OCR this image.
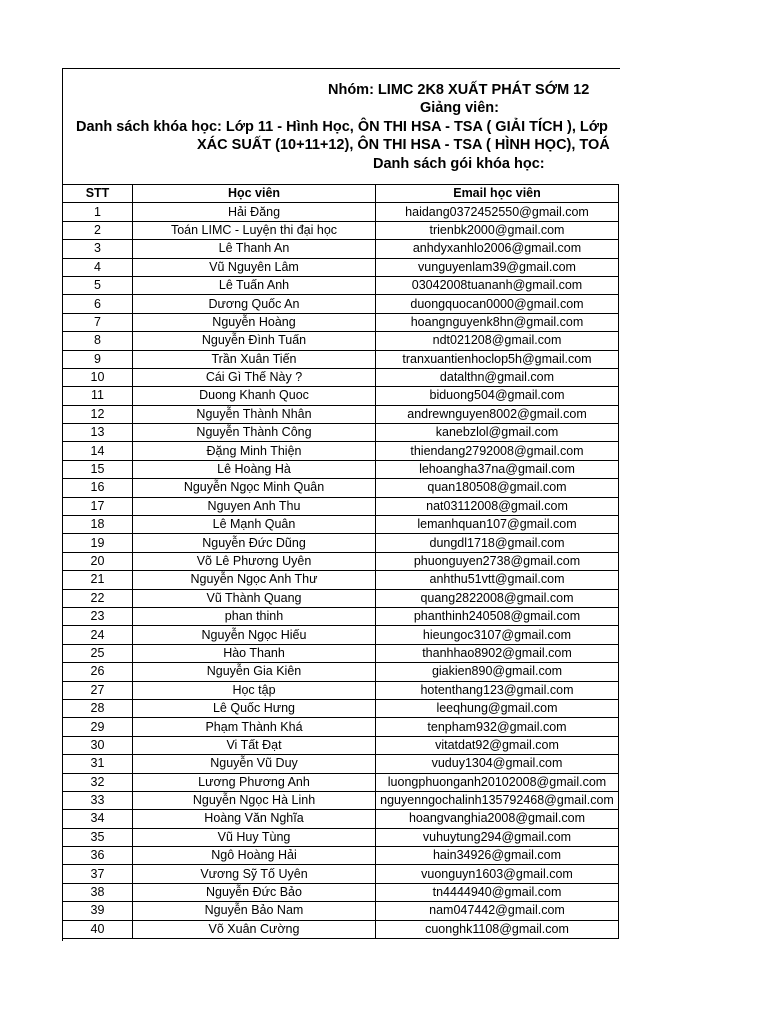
Nhóm: LIMC 2K8 XUẤT PHÁT SỚM 12
Giảng viên:
Danh sách khóa học: Lớp 11 - Hình Học, ÔN THI HSA - TSA ( GIẢI TÍCH ), Lớp
XÁC SUẤT (10+11+12), ÔN THI HSA - TSA ( HÌNH HỌC), TOÁ
Danh sách gói khóa học:
STT	Học viên	Email học viên
1	Hải Đăng	haidang0372452550@gmail.com
2	Toán LIMC - Luyện thi đại học	trienbk2000@gmail.com
3	Lê Thanh An	anhdyxanhlo2006@gmail.com
4	Vũ Nguyên Lâm	vunguyenlam39@gmail.com
5	Lê Tuấn Anh	03042008tuananh@gmail.com
6	Dương Quốc An	duongquocan0000@gmail.com
7	Nguyễn Hoàng	hoangnguyenk8hn@gmail.com
8	Nguyễn Đình Tuấn	ndt021208@gmail.com
9	Trần Xuân Tiến	tranxuantienhoclop5h@gmail.com
10	Cái Gì Thế Này ?	datalthn@gmail.com
11	Duong Khanh Quoc	biduong504@gmail.com
12	Nguyễn Thành Nhân	andrewnguyen8002@gmail.com
13	Nguyễn Thành Công	kanebzlol@gmail.com
14	Đặng Minh Thiện	thiendang2792008@gmail.com
15	Lê Hoàng Hà	lehoangha37na@gmail.com
16	Nguyễn Ngọc Minh Quân	quan180508@gmail.com
17	Nguyen Anh Thu	nat03112008@gmail.com
18	Lê Mạnh Quân	lemanhquan107@gmail.com
19	Nguyễn Đức Dũng	dungdl1718@gmail.com
20	Võ Lê Phương Uyên	phuonguyen2738@gmail.com
21	Nguyễn Ngọc Anh Thư	anhthu51vtt@gmail.com
22	Vũ Thành Quang	quang2822008@gmail.com
23	phan thinh	phanthinh240508@gmail.com
24	Nguyễn Ngọc Hiếu	hieungoc3107@gmail.com
25	Hào Thanh	thanhhao8902@gmail.com
26	Nguyễn Gia Kiên	giakien890@gmail.com
27	Học tập	hotenthang123@gmail.com
28	Lê Quốc Hưng	leeqhung@gmail.com
29	Phạm Thành Khá	tenpham932@gmail.com
30	Vi Tất Đạt	vitatdat92@gmail.com
31	Nguyễn Vũ Duy	vuduy1304@gmail.com
32	Lương Phương Anh	luongphuonganh20102008@gmail.com
33	Nguyễn Ngọc Hà Linh	nguyenngochalinh135792468@gmail.com
34	Hoàng Văn Nghĩa	hoangvanghia2008@gmail.com
35	Vũ Huy Tùng	vuhuytung294@gmail.com
36	Ngô Hoàng Hải	hain34926@gmail.com
37	Vương Sỹ Tố Uyên	vuonguyn1603@gmail.com
38	Nguyễn Đức Bảo	tn4444940@gmail.com
39	Nguyễn Bảo Nam	nam047442@gmail.com
40	Võ Xuân Cường	cuonghk1108@gmail.com
